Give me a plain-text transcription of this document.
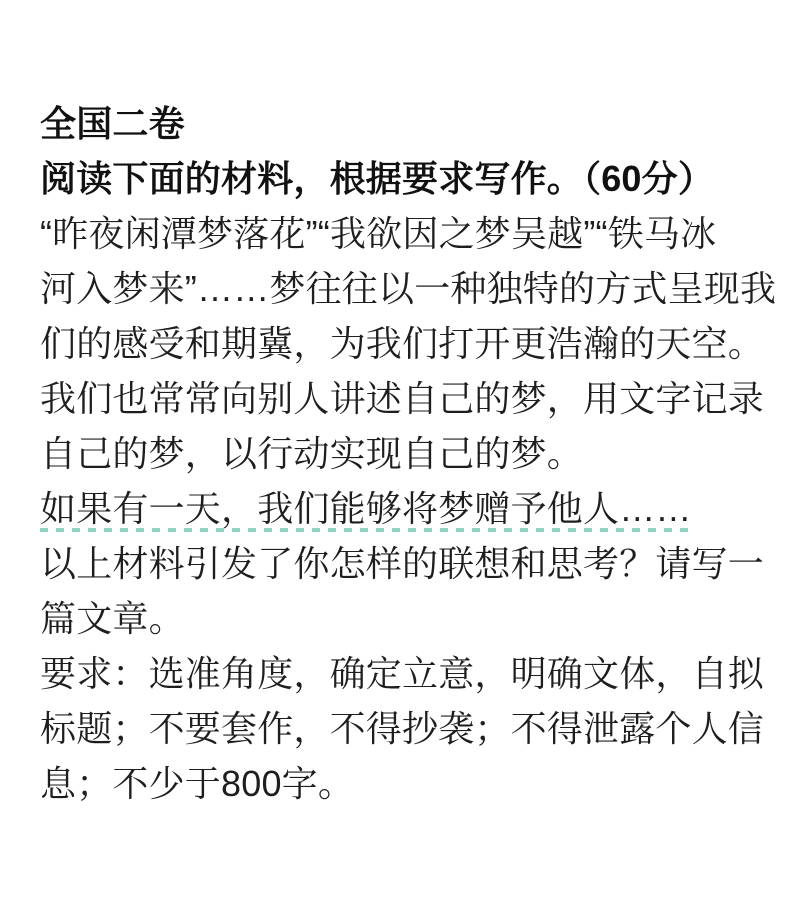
全国二卷
阅读下面的材料，根据要求写作。（60分）
“昨夜闲潭梦落花”“我欲因之梦吴越”“铁马冰
河入梦来”……梦往往以一种独特的方式呈现我
们的感受和期冀，为我们打开更浩瀚的天空。
我们也常常向别人讲述自己的梦，用文字记录
自己的梦，以行动实现自己的梦。
如果有一天，我们能够将梦赠予他人……
以上材料引发了你怎样的联想和思考？请写一
篇文章。
要求：选准角度，确定立意，明确文体，自拟
标题；不要套作，不得抄袭；不得泄露个人信
息；不少于800字。
